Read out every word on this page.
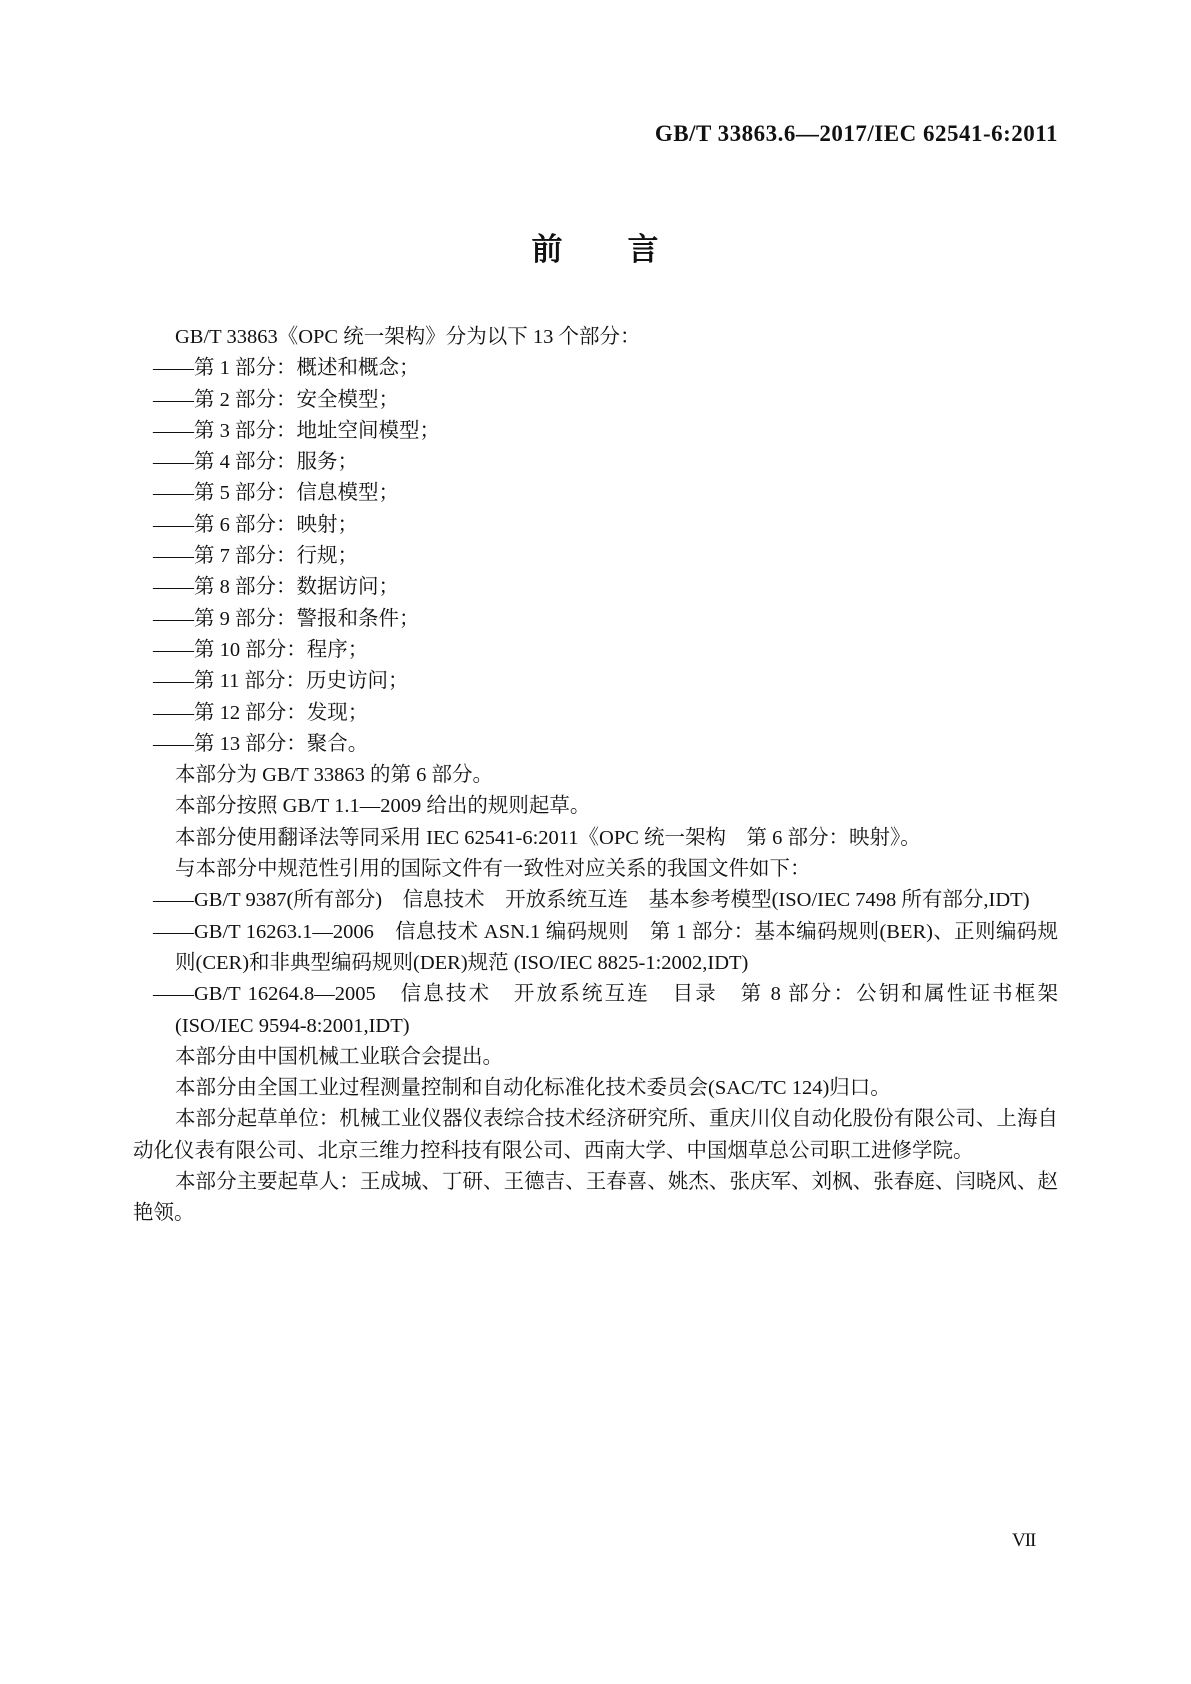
GB/T 33863.6—2017/IEC 62541-6:2011
前　　言

GB/T 33863《OPC 统一架构》分为以下 13 个部分：

——第 1 部分：概述和概念；

——第 2 部分：安全模型；

——第 3 部分：地址空间模型；

——第 4 部分：服务；

——第 5 部分：信息模型；

——第 6 部分：映射；

——第 7 部分：行规；

——第 8 部分：数据访问；

——第 9 部分：警报和条件；

——第 10 部分：程序；

——第 11 部分：历史访问；

——第 12 部分：发现；

——第 13 部分：聚合。

本部分为 GB/T 33863 的第 6 部分。

本部分按照 GB/T 1.1—2009 给出的规则起草。

本部分使用翻译法等同采用 IEC 62541-6:2011《OPC 统一架构　第 6 部分：映射》。

与本部分中规范性引用的国际文件有一致性对应关系的我国文件如下：

——GB/T 9387(所有部分)　信息技术　开放系统互连　基本参考模型(ISO/IEC 7498 所有部分,IDT)

——GB/T 16263.1—2006　信息技术 ASN.1 编码规则　第 1 部分：基本编码规则(BER)、正则编码规则(CER)和非典型编码规则(DER)规范 (ISO/IEC 8825-1:2002,IDT)

——GB/T 16264.8—2005　信息技术　开放系统互连　目录　第 8 部分：公钥和属性证书框架(ISO/IEC 9594-8:2001,IDT)

本部分由中国机械工业联合会提出。

本部分由全国工业过程测量控制和自动化标准化技术委员会(SAC/TC 124)归口。

本部分起草单位：机械工业仪器仪表综合技术经济研究所、重庆川仪自动化股份有限公司、上海自动化仪表有限公司、北京三维力控科技有限公司、西南大学、中国烟草总公司职工进修学院。

本部分主要起草人：王成城、丁研、王德吉、王春喜、姚杰、张庆军、刘枫、张春庭、闫晓风、赵艳领。

VII
